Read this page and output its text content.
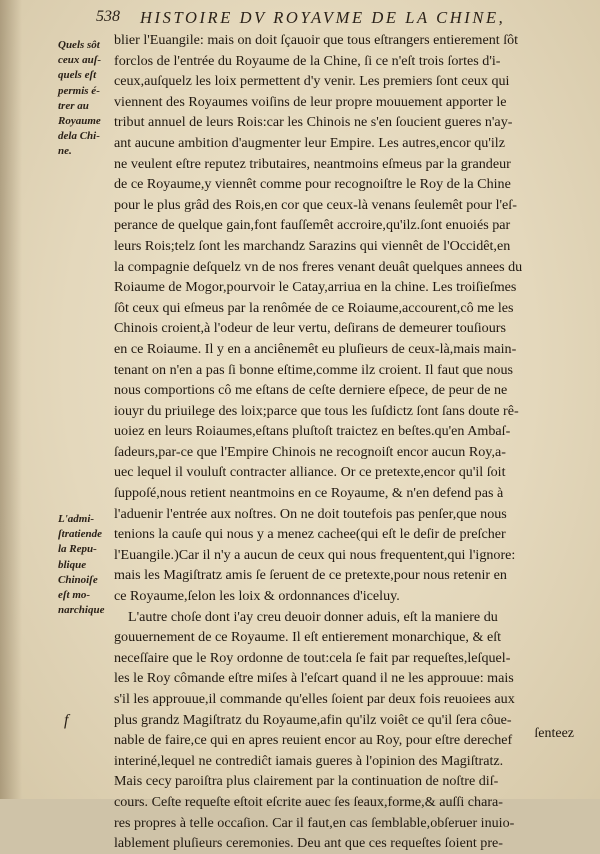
538 HISTOIRE DV ROYAVME DE LA CHINE,
Quels sôt
ceux auſ-
quels eſt
permis é-
trer au
Royaume
dela Chi-
ne.
L'admi-
ſtratiende
la Repu-
blique
Chinoiſe
eſt mo-
narchique
f
blier l'Euangile: mais on doit ſçauoir que tous eſtrangers entierement ſôt
forclos de l'entrée du Royaume de la Chine, ſi ce n'eſt trois ſortes d'i-
ceux,auſquelz les loix permettent d'y venir. Les premiers ſont ceux qui
viennent des Royaumes voiſins de leur propre mouuement apporter le
tribut annuel de leurs Rois:car les Chinois ne s'en ſoucient gueres n'ay-
ant aucune ambition d'augmenter leur Empire. Les autres,encor qu'ilz
ne veulent eſtre reputez tributaires, neantmoins eſmeus par la grandeur
de ce Royaume,y viennêt comme pour recognoiſtre le Roy de la Chine
pour le plus grâd des Rois,en cor que ceux-là venans ſeulemêt pour l'eſ-
perance de quelque gain,font fauſſemêt accroire,qu'ilz.ſont enuoiés par
leurs Rois;telz ſont les marchandz Sarazins qui viennêt de l'Occidêt,en
la compagnie deſquelz vn de nos freres venant deuât quelques annees du
Roiaume de Mogor,pourvoir le Catay,arriua en la chine. Les troiſieſmes
ſôt ceux qui eſmeus par la renômée de ce Roiaume,accourent,cô me les
Chinois croient,à l'odeur de leur vertu, deſirans de demeurer touſiours
en ce Roiaume. Il y en a anciênemêt eu pluſieurs de ceux-là,mais main-
tenant on n'en a pas ſi bonne eſtime,comme ilz croient. Il faut que nous
nous comportions cô me eſtans de ceſte derniere eſpece, de peur de ne
iouyr du priuilege des loix;parce que tous les ſuſdictz ſont ſans doute rê-
uoiez en leurs Roiaumes,eſtans pluſtoſt traictez en beſtes.qu'en Ambaſ-
ſadeurs,par-ce que l'Empire Chinois ne recognoiſt encor aucun Roy,a-
uec lequel il vouluſt contracter alliance. Or ce pretexte,encor qu'il ſoit
ſuppoſé,nous retient neantmoins en ce Royaume, & n'en defend pas à
l'aduenir l'entrée aux noſtres. On ne doit toutefois pas penſer,que nous
tenions la cauſe qui nous y a menez cachee(qui eſt le deſir de preſcher
l'Euangile.)Car il n'y a aucun de ceux qui nous frequentent,qui l'ignore:
mais les Magiſtratz amis ſe ſeruent de ce pretexte,pour nous retenir en
ce Royaume,ſelon les loix & ordonnances d'iceluy.
L'autre choſe dont i'ay creu deuoir donner aduis, eſt la maniere du
gouuernement de ce Royaume. Il eſt entierement monarchique, & eſt
neceſſaire que le Roy ordonne de tout:cela ſe fait par requeſtes,leſquel-
les le Roy cômande eſtre miſes à l'eſcart quand il ne les approuue: mais
s'il les approuue,il commande qu'elles ſoient par deux fois reuoiees aux
plus grandz Magiſtratz du Royaume,afin qu'ilz voiêt ce qu'il ſera côue-
nable de faire,ce qui en apres reuient encor au Roy, pour eſtre derechef
interiné,lequel ne contrediĉt iamais gueres à l'opinion des Magiſtratz.
Mais cecy paroiſtra plus clairement par la continuation de noſtre diſ-
cours. Ceſte requeſte eſtoit eſcrite auec ſes ſeaux,forme,& auſſi chara-
res propres à telle occaſion. Car il faut,en cas ſemblable,obſeruer inuio-
lablement pluſieurs ceremonies. Deu ant que ces requeſtes ſoient pre-
ſenteez
